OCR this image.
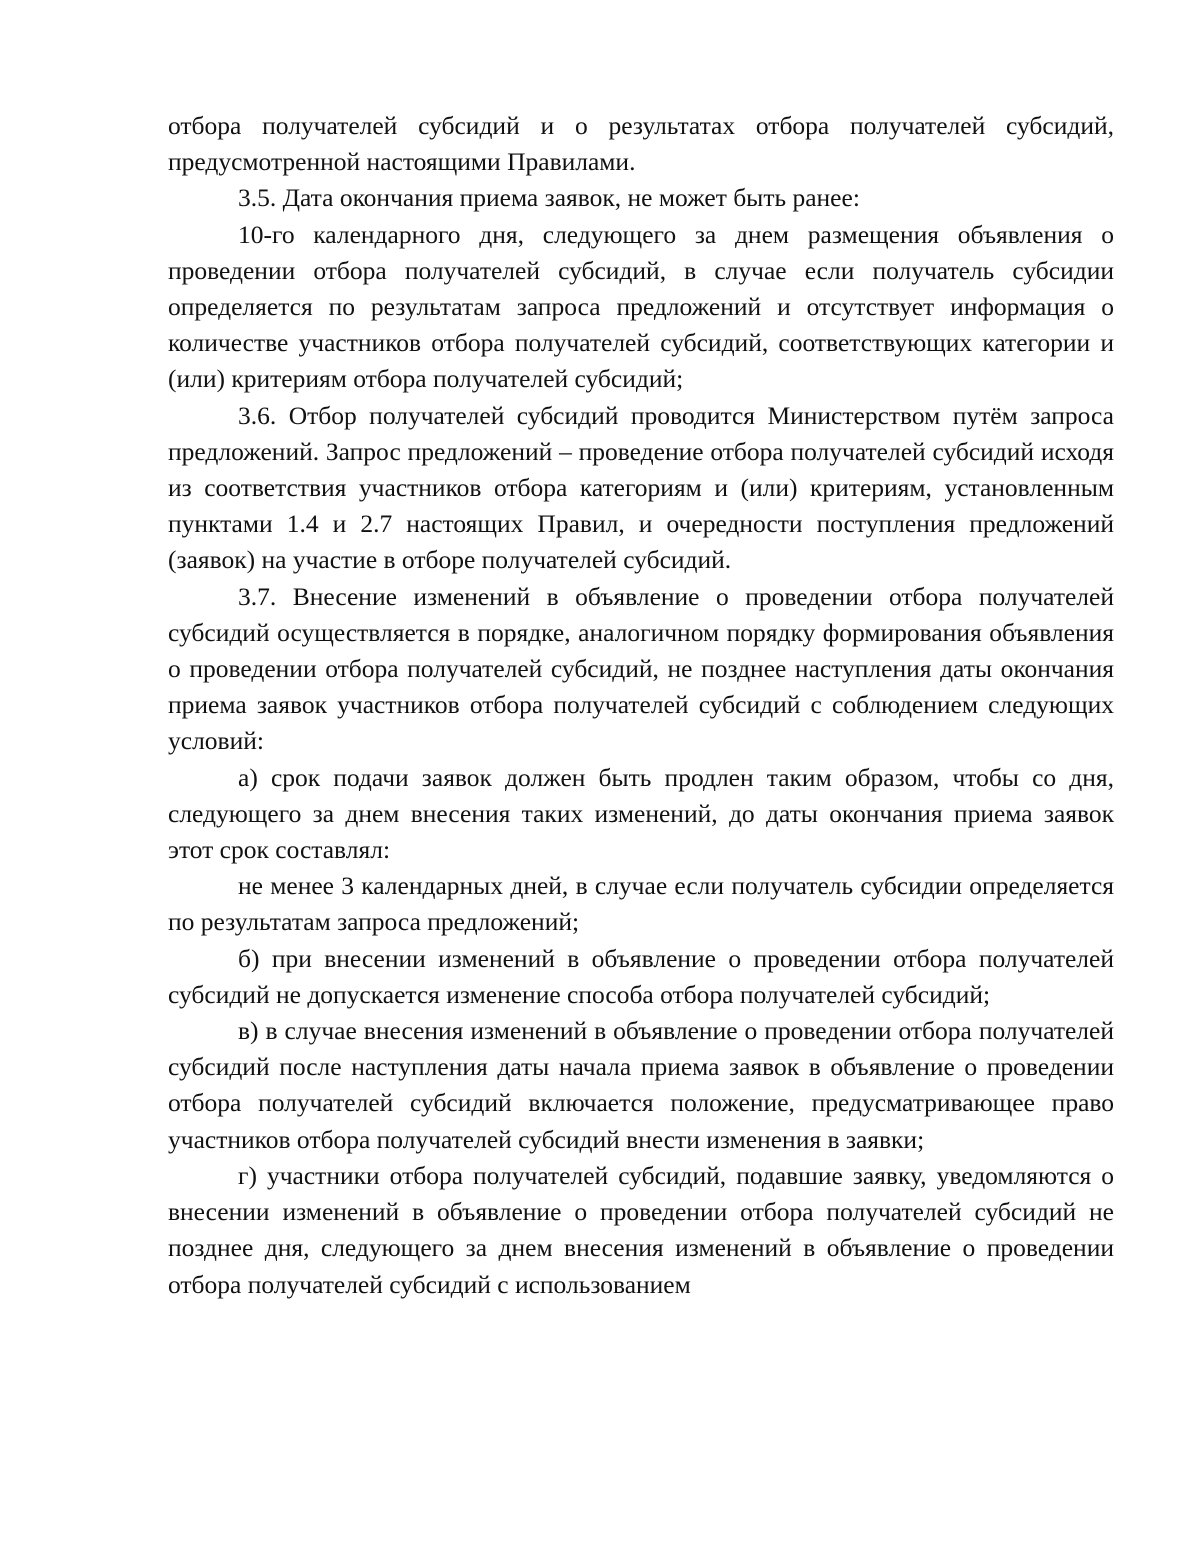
отбора получателей субсидий и о результатах отбора получателей субсидий, предусмотренной настоящими Правилами.

3.5. Дата окончания приема заявок, не может быть ранее:

10-го календарного дня, следующего за днем размещения объявления о проведении отбора получателей субсидий, в случае если получатель субсидии определяется по результатам запроса предложений и отсутствует информация о количестве участников отбора получателей субсидий, соответствующих категории и (или) критериям отбора получателей субсидий;

3.6. Отбор получателей субсидий проводится Министерством путём запроса предложений. Запрос предложений – проведение отбора получателей субсидий исходя из соответствия участников отбора категориям и (или) критериям, установленным пунктами 1.4 и 2.7 настоящих Правил, и очередности поступления предложений (заявок) на участие в отборе получателей субсидий.

3.7. Внесение изменений в объявление о проведении отбора получателей субсидий осуществляется в порядке, аналогичном порядку формирования объявления о проведении отбора получателей субсидий, не позднее наступления даты окончания приема заявок участников отбора получателей субсидий с соблюдением следующих условий:

а) срок подачи заявок должен быть продлен таким образом, чтобы со дня, следующего за днем внесения таких изменений, до даты окончания приема заявок этот срок составлял:

не менее 3 календарных дней, в случае если получатель субсидии определяется по результатам запроса предложений;

б) при внесении изменений в объявление о проведении отбора получателей субсидий не допускается изменение способа отбора получателей субсидий;

в) в случае внесения изменений в объявление о проведении отбора получателей субсидий после наступления даты начала приема заявок в объявление о проведении отбора получателей субсидий включается положение, предусматривающее право участников отбора получателей субсидий внести изменения в заявки;

г) участники отбора получателей субсидий, подавшие заявку, уведомляются о внесении изменений в объявление о проведении отбора получателей субсидий не позднее дня, следующего за днем внесения изменений в объявление о проведении отбора получателей субсидий с использованием
